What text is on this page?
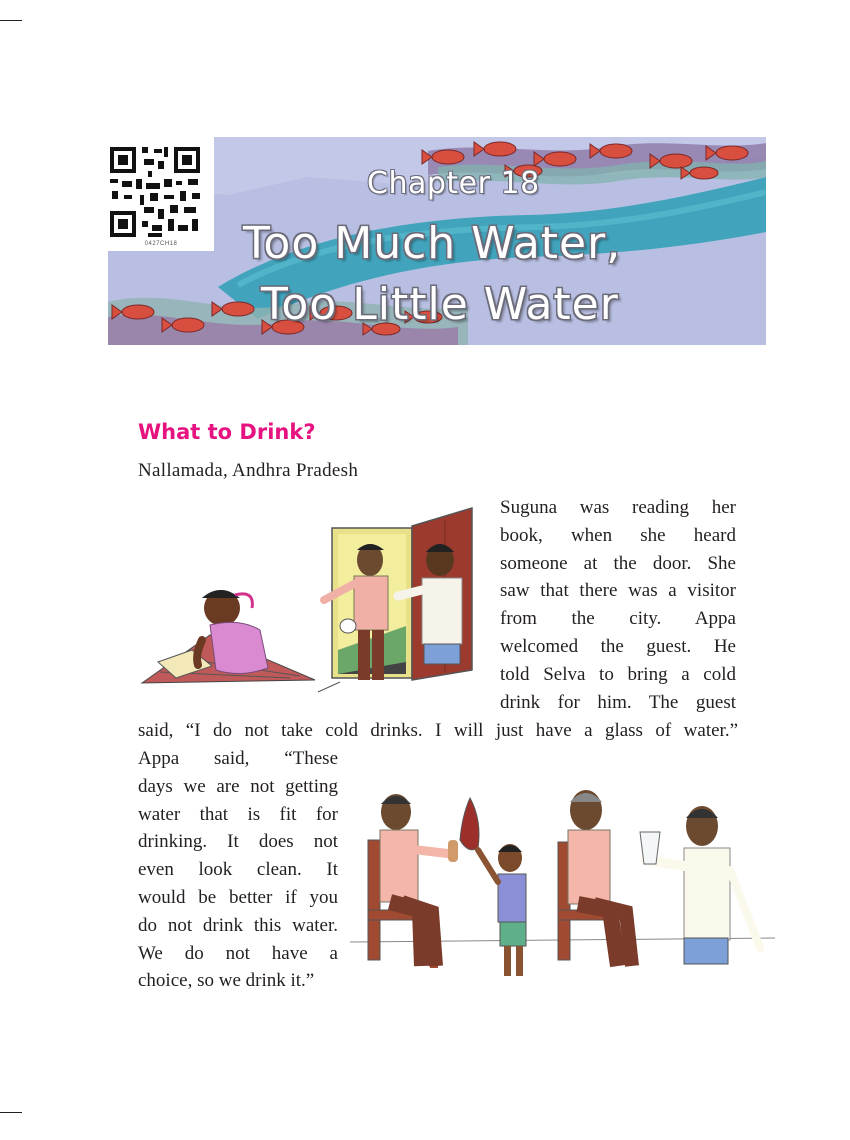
0427CH18
Chapter 18
Too Much Water,
Too Little Water
What to Drink?
Nallamada, Andhra Pradesh

Suguna was reading her
book, when she heard
someone at the door. She
saw that there was a visitor
from the city. Appa
welcomed the guest. He
told Selva to bring a cold
drink for him. The guest

said, “I do not take cold drinks. I will just have a glass of water.”

Appa said, “These
days we are not getting
water that is fit for
drinking. It does not
even look clean. It
would be better if you
do not drink this water.
We do not have a
choice, so we drink it.”
